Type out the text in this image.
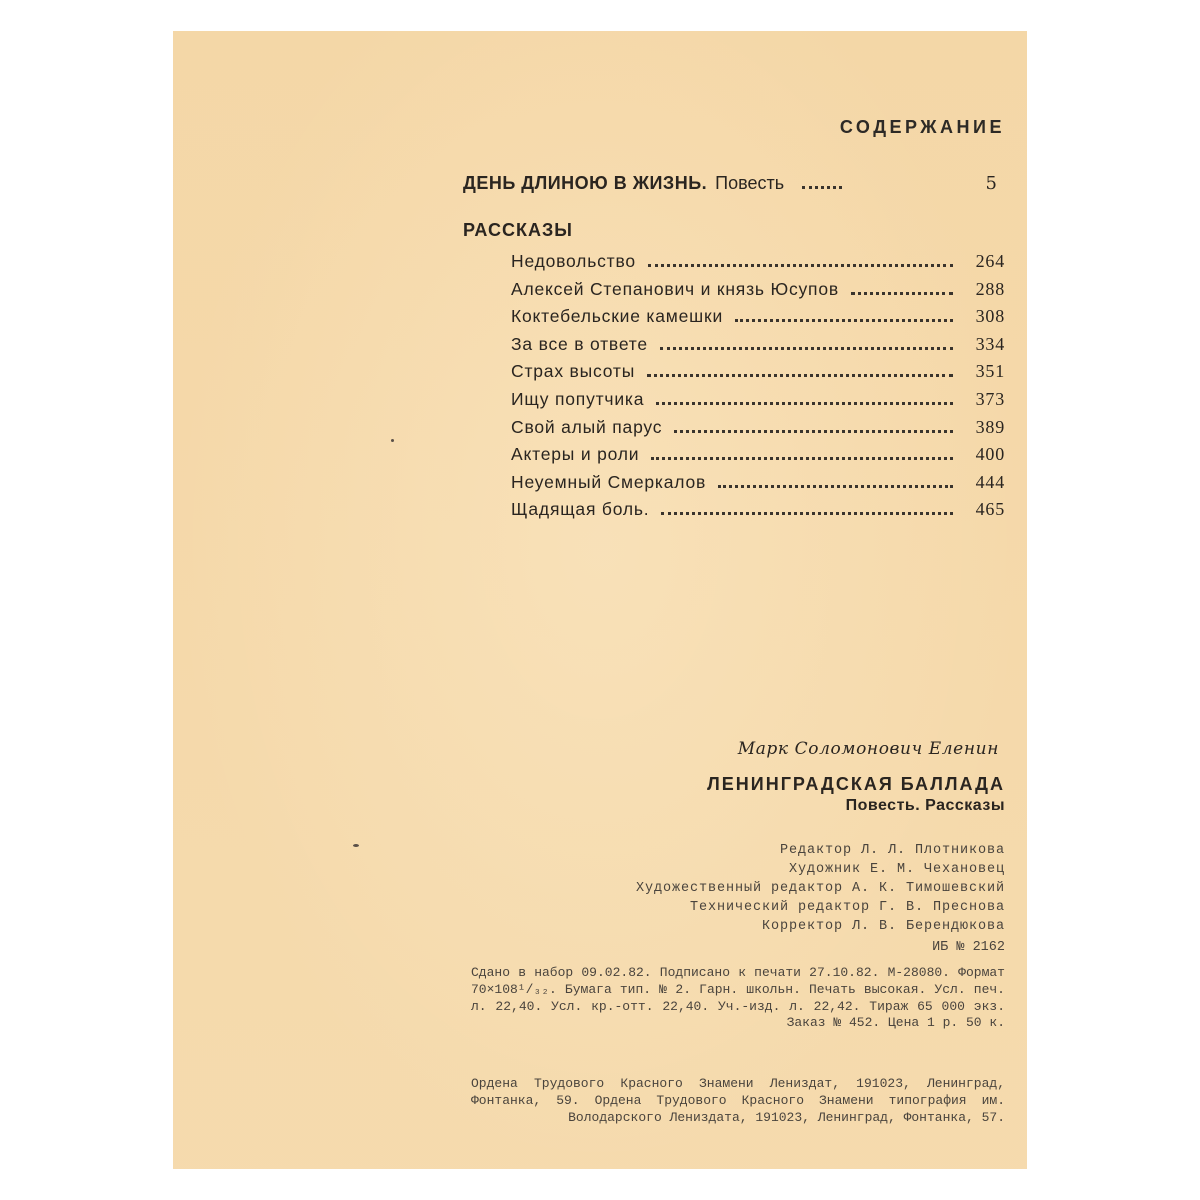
СОДЕРЖАНИЕ
ДЕНЬ ДЛИНОЮ В ЖИЗНЬ. Повесть	5
РАССКАЗЫ
Недовольство	264
Алексей Степанович и князь Юсупов	288
Коктебельские камешки	308
За все в ответе	334
Страх высоты	351
Ищу попутчика	373
Свой алый парус	389
Актеры и роли	400
Неуемный Смеркалов	444
Щадящая боль.	465
Марк Соломонович Еленин
ЛЕНИНГРАДСКАЯ БАЛЛАДА
Повесть. Рассказы
Редактор Л. Л. Плотникова
Художник Е. М. Чехановец
Художественный редактор А. К. Тимошевский
Технический редактор Г. В. Преснова
Корректор Л. В. Берендюкова
ИБ № 2162

Сдано в набор 09.02.82. Подписано к печати 27.10.82. М-28080. Формат 70×108¹/₃₂. Бумага тип. № 2. Гарн. школьн. Печать высокая. Усл. печ. л. 22,40. Усл. кр.-отт. 22,40. Уч.-изд. л. 22,42. Тираж 65 000 экз. Заказ № 452. Цена 1 р. 50 к.

Ордена Трудового Красного Знамени Лениздат, 191023, Ленинград, Фонтанка, 59. Ордена Трудового Красного Знамени типография им. Володарского Лениздата, 191023, Ленинград, Фонтанка, 57.
